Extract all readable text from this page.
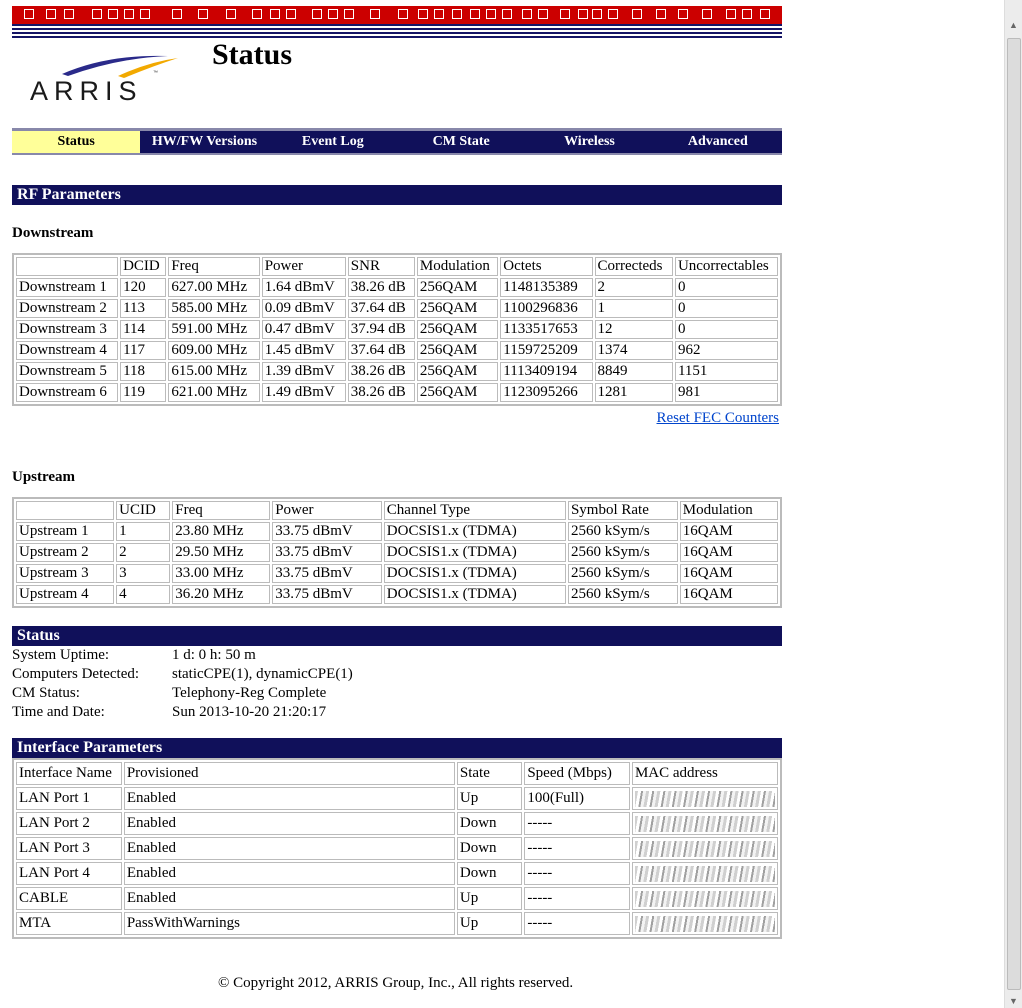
™
ARRIS
Status
Status	HW/FW Versions	Event Log	CM State	Wireless	Advanced
RF Parameters
Downstream
	DCID	Freq	Power	SNR	Modulation	Octets	Correcteds	Uncorrectables
Downstream 1	120	627.00 MHz	1.64 dBmV	38.26 dB	256QAM	1148135389	2	0
Downstream 2	113	585.00 MHz	0.09 dBmV	37.64 dB	256QAM	1100296836	1	0
Downstream 3	114	591.00 MHz	0.47 dBmV	37.94 dB	256QAM	1133517653	12	0
Downstream 4	117	609.00 MHz	1.45 dBmV	37.64 dB	256QAM	1159725209	1374	962
Downstream 5	118	615.00 MHz	1.39 dBmV	38.26 dB	256QAM	1113409194	8849	1151
Downstream 6	119	621.00 MHz	1.49 dBmV	38.26 dB	256QAM	1123095266	1281	981
Reset FEC Counters
Upstream
	UCID	Freq	Power	Channel Type	Symbol Rate	Modulation
Upstream 1	1	23.80 MHz	33.75 dBmV	DOCSIS1.x (TDMA)	2560 kSym/s	16QAM
Upstream 2	2	29.50 MHz	33.75 dBmV	DOCSIS1.x (TDMA)	2560 kSym/s	16QAM
Upstream 3	3	33.00 MHz	33.75 dBmV	DOCSIS1.x (TDMA)	2560 kSym/s	16QAM
Upstream 4	4	36.20 MHz	33.75 dBmV	DOCSIS1.x (TDMA)	2560 kSym/s	16QAM
Status
System Uptime:	1 d: 0 h: 50 m
Computers Detected:	staticCPE(1), dynamicCPE(1)
CM Status:	Telephony-Reg Complete
Time and Date:	Sun 2013-10-20 21:20:17
Interface Parameters
Interface Name	Provisioned	State	Speed (Mbps)	MAC address
LAN Port 1	Enabled	Up	100(Full)	
LAN Port 2	Enabled	Down	-----	
LAN Port 3	Enabled	Down	-----	
LAN Port 4	Enabled	Down	-----	
CABLE	Enabled	Up	-----	
MTA	PassWithWarnings	Up	-----	
© Copyright 2012, ARRIS Group, Inc., All rights reserved.
▲
▼
